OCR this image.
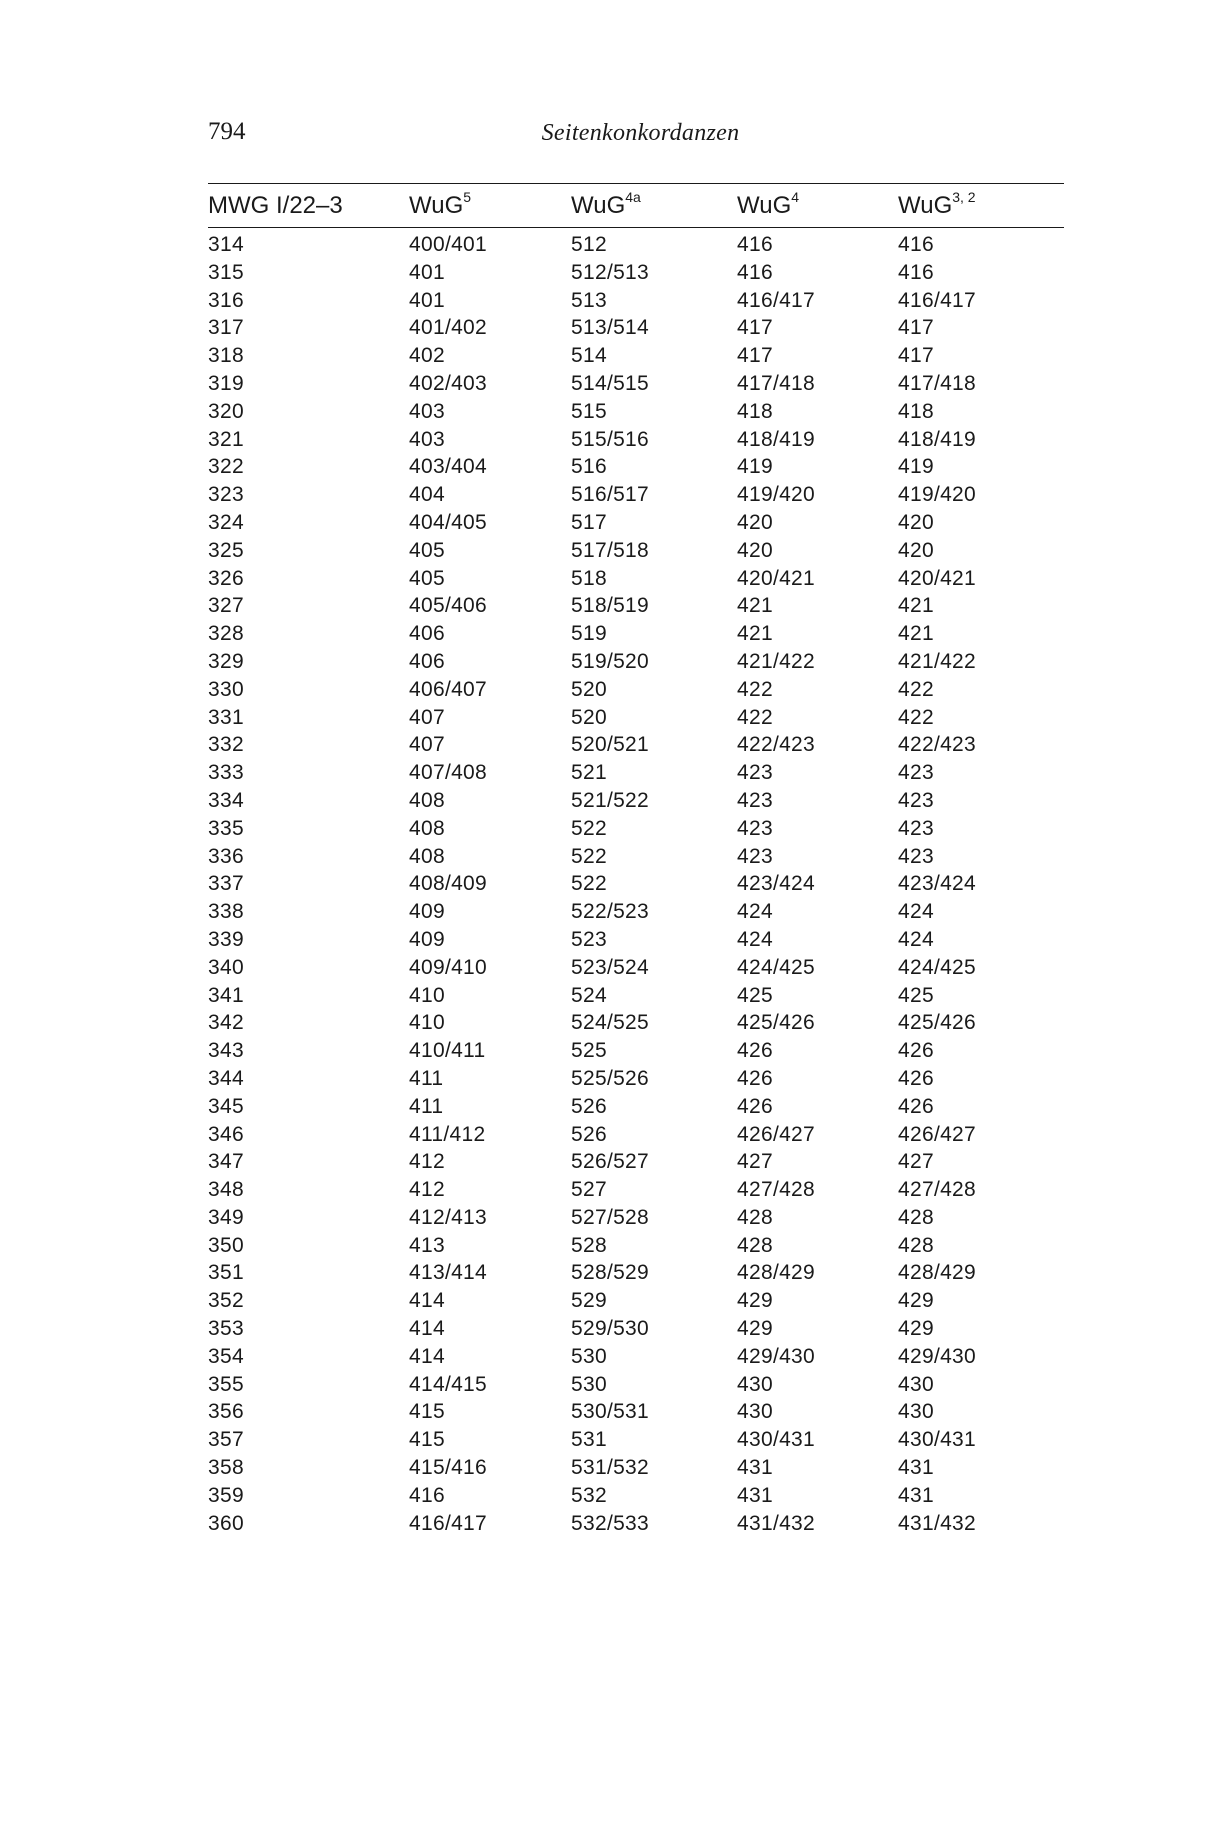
794	Seitenkonkordanzen
MWG I/22–3	WuG$^5$	WuG$^{4a}$	WuG$^4$	WuG$^{3, 2}$
314	400/401	512	416	416
315	401	512/513	416	416
316	401	513	416/417	416/417
317	401/402	513/514	417	417
318	402	514	417	417
319	402/403	514/515	417/418	417/418
320	403	515	418	418
321	403	515/516	418/419	418/419
322	403/404	516	419	419
323	404	516/517	419/420	419/420
324	404/405	517	420	420
325	405	517/518	420	420
326	405	518	420/421	420/421
327	405/406	518/519	421	421
328	406	519	421	421
329	406	519/520	421/422	421/422
330	406/407	520	422	422
331	407	520	422	422
332	407	520/521	422/423	422/423
333	407/408	521	423	423
334	408	521/522	423	423
335	408	522	423	423
336	408	522	423	423
337	408/409	522	423/424	423/424
338	409	522/523	424	424
339	409	523	424	424
340	409/410	523/524	424/425	424/425
341	410	524	425	425
342	410	524/525	425/426	425/426
343	410/411	525	426	426
344	411	525/526	426	426
345	411	526	426	426
346	411/412	526	426/427	426/427
347	412	526/527	427	427
348	412	527	427/428	427/428
349	412/413	527/528	428	428
350	413	528	428	428
351	413/414	528/529	428/429	428/429
352	414	529	429	429
353	414	529/530	429	429
354	414	530	429/430	429/430
355	414/415	530	430	430
356	415	530/531	430	430
357	415	531	430/431	430/431
358	415/416	531/532	431	431
359	416	532	431	431
360	416/417	532/533	431/432	431/432
